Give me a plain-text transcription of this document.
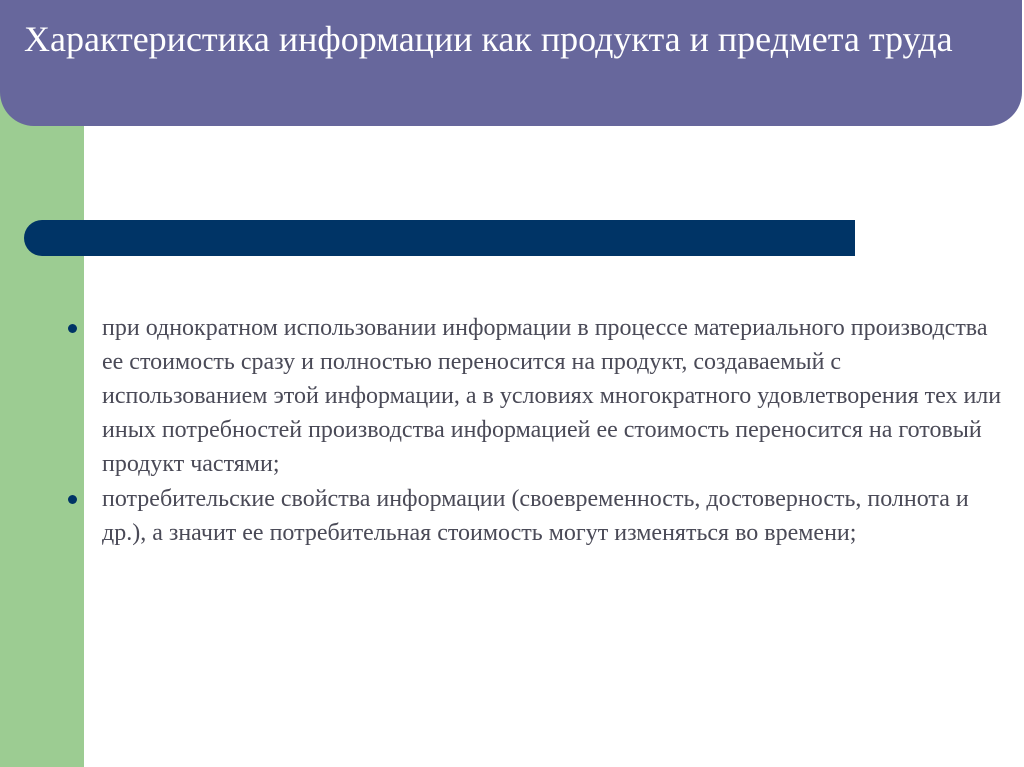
Характеристика информации как продукта и предмета труда
при однократном использовании информации в процессе материального производства ее стоимость сразу и полностью переносится на продукт, создаваемый с использованием этой информации, а в условиях многократного удовлетворения тех или иных потребностей производства информацией ее стоимость переносится на готовый продукт частями;
потребительские свойства информации (своевременность, достоверность, полнота и др.), а значит ее потребительная стоимость могут изменяться во времени;
